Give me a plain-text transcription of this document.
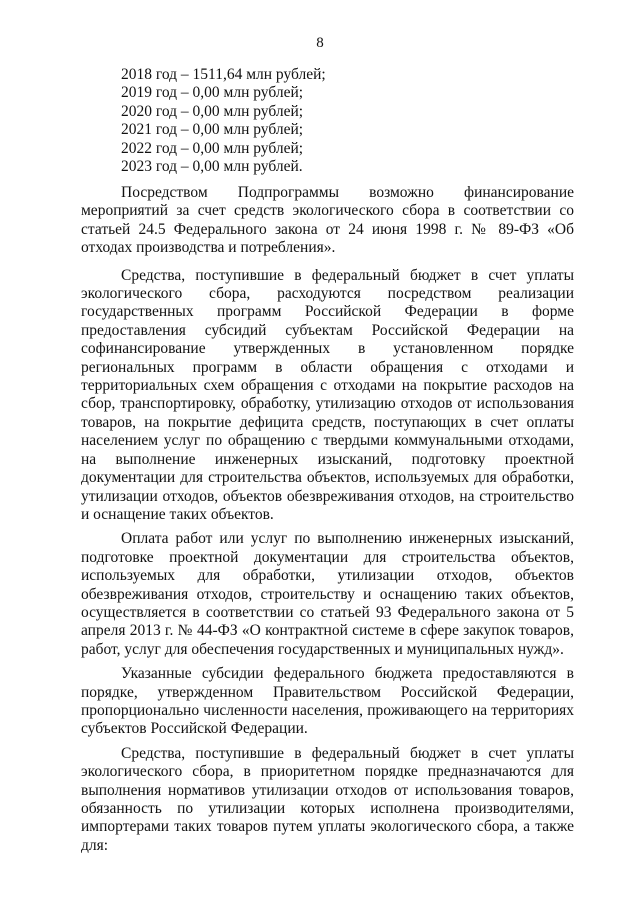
8
2018 год – 1511,64 млн рублей;
2019 год – 0,00 млн рублей;
2020 год – 0,00 млн рублей;
2021 год – 0,00 млн рублей;
2022 год – 0,00 млн рублей;
2023 год – 0,00 млн рублей.

Посредством Подпрограммы возможно финансирование мероприятий за счет средств экологического сбора в соответствии со статьей 24.5 Федерального закона от 24 июня 1998 г. № 89-ФЗ «Об отходах производства и потребления».

Средства, поступившие в федеральный бюджет в счет уплаты экологического сбора, расходуются посредством реализации государственных программ Российской Федерации в форме предоставления субсидий субъектам Российской Федерации на софинансирование утвержденных в установленном порядке региональных программ в области обращения с отходами и территориальных схем обращения с отходами на покрытие расходов на сбор, транспортировку, обработку, утилизацию отходов от использования товаров, на покрытие дефицита средств, поступающих в счет оплаты населением услуг по обращению с твердыми коммунальными отходами, на выполнение инженерных изысканий, подготовку проектной документации для строительства объектов, используемых для обработки, утилизации отходов, объектов обезвреживания отходов, на строительство и оснащение таких объектов.

Оплата работ или услуг по выполнению инженерных изысканий, подготовке проектной документации для строительства объектов, используемых для обработки, утилизации отходов, объектов обезвреживания отходов, строительству и оснащению таких объектов, осуществляется в соответствии со статьей 93 Федерального закона от 5 апреля 2013 г. № 44-ФЗ «О контрактной системе в сфере закупок товаров, работ, услуг для обеспечения государственных и муниципальных нужд».

Указанные субсидии федерального бюджета предоставляются в порядке, утвержденном Правительством Российской Федерации, пропорционально численности населения, проживающего на территориях субъектов Российской Федерации.

Средства, поступившие в федеральный бюджет в счет уплаты экологического сбора, в приоритетном порядке предназначаются для выполнения нормативов утилизации отходов от использования товаров, обязанность по утилизации которых исполнена производителями, импортерами таких товаров путем уплаты экологического сбора, а также для:
